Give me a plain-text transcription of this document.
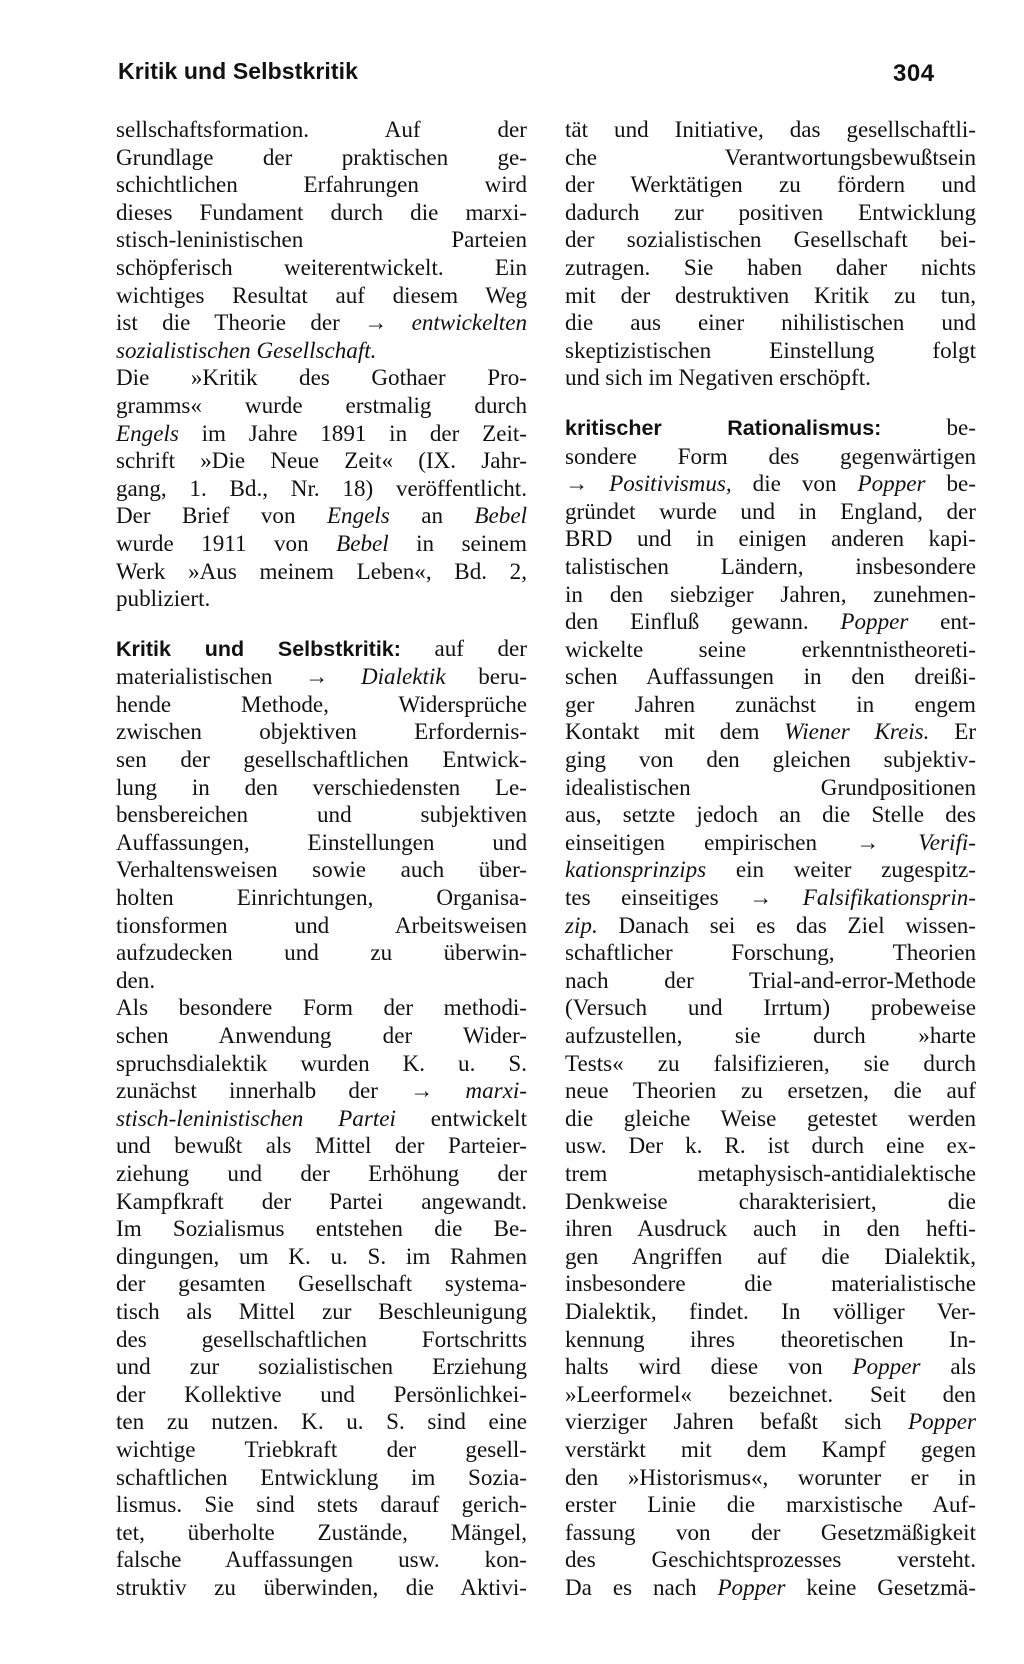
Kritik und Selbstkritik	304
sellschaftsformation. Auf der
Grundlage der praktischen ge-
schichtlichen Erfahrungen wird
dieses Fundament durch die marxi-
stisch-leninistischen Parteien
schöpferisch weiterentwickelt. Ein
wichtiges Resultat auf diesem Weg
ist die Theorie der → entwickelten
sozialistischen Gesellschaft.
Die »Kritik des Gothaer Pro-
gramms« wurde erstmalig durch
Engels im Jahre 1891 in der Zeit-
schrift »Die Neue Zeit« (IX. Jahr-
gang, 1. Bd., Nr. 18) veröffentlicht.
Der Brief von Engels an Bebel
wurde 1911 von Bebel in seinem
Werk »Aus meinem Leben«, Bd. 2,
publiziert.
Kritik und Selbstkritik: auf der
materialistischen → Dialektik beru-
hende Methode, Widersprüche
zwischen objektiven Erfordernis-
sen der gesellschaftlichen Entwick-
lung in den verschiedensten Le-
bensbereichen und subjektiven
Auffassungen, Einstellungen und
Verhaltensweisen sowie auch über-
holten Einrichtungen, Organisa-
tionsformen und Arbeitsweisen
aufzudecken und zu überwin-
den.
Als besondere Form der methodi-
schen Anwendung der Wider-
spruchsdialektik wurden K. u. S.
zunächst innerhalb der → marxi-
stisch-leninistischen Partei entwickelt
und bewußt als Mittel der Parteier-
ziehung und der Erhöhung der
Kampfkraft der Partei angewandt.
Im Sozialismus entstehen die Be-
dingungen, um K. u. S. im Rahmen
der gesamten Gesellschaft systema-
tisch als Mittel zur Beschleunigung
des gesellschaftlichen Fortschritts
und zur sozialistischen Erziehung
der Kollektive und Persönlichkei-
ten zu nutzen. K. u. S. sind eine
wichtige Triebkraft der gesell-
schaftlichen Entwicklung im Sozia-
lismus. Sie sind stets darauf gerich-
tet, überholte Zustände, Mängel,
falsche Auffassungen usw. kon-
struktiv zu überwinden, die Aktivi-
tät und Initiative, das gesellschaftli-
che Verantwortungsbewußtsein
der Werktätigen zu fördern und
dadurch zur positiven Entwicklung
der sozialistischen Gesellschaft bei-
zutragen. Sie haben daher nichts
mit der destruktiven Kritik zu tun,
die aus einer nihilistischen und
skeptizistischen Einstellung folgt
und sich im Negativen erschöpft.
kritischer Rationalismus: be-
sondere Form des gegenwärtigen
→ Positivismus, die von Popper be-
gründet wurde und in England, der
BRD und in einigen anderen kapi-
talistischen Ländern, insbesondere
in den siebziger Jahren, zunehmen-
den Einfluß gewann. Popper ent-
wickelte seine erkenntnistheoreti-
schen Auffassungen in den dreißi-
ger Jahren zunächst in engem
Kontakt mit dem Wiener Kreis. Er
ging von den gleichen subjektiv-
idealistischen Grundpositionen
aus, setzte jedoch an die Stelle des
einseitigen empirischen → Verifi-
kationsprinzips ein weiter zugespitz-
tes einseitiges → Falsifikationsprin-
zip. Danach sei es das Ziel wissen-
schaftlicher Forschung, Theorien
nach der Trial-and-error-Methode
(Versuch und Irrtum) probeweise
aufzustellen, sie durch »harte
Tests« zu falsifizieren, sie durch
neue Theorien zu ersetzen, die auf
die gleiche Weise getestet werden
usw. Der k. R. ist durch eine ex-
trem metaphysisch-antidialektische
Denkweise charakterisiert, die
ihren Ausdruck auch in den hefti-
gen Angriffen auf die Dialektik,
insbesondere die materialistische
Dialektik, findet. In völliger Ver-
kennung ihres theoretischen In-
halts wird diese von Popper als
»Leerformel« bezeichnet. Seit den
vierziger Jahren befaßt sich Popper
verstärkt mit dem Kampf gegen
den »Historismus«, worunter er in
erster Linie die marxistische Auf-
fassung von der Gesetzmäßigkeit
des Geschichtsprozesses versteht.
Da es nach Popper keine Gesetzmä-
